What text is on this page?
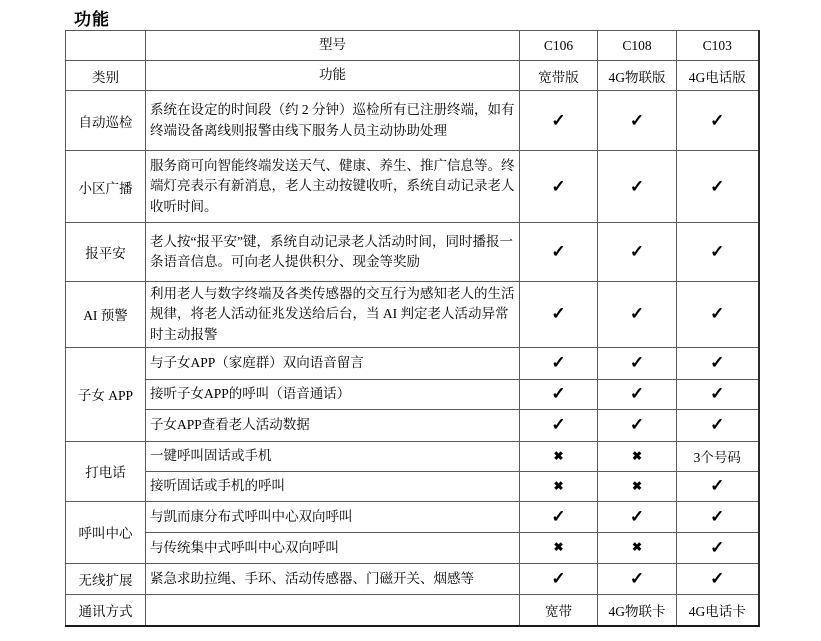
功能
	型号	C106	C108	C103
类别	功能	宽带版	4G物联版	4G电话版
自动巡检	系统在设定的时间段（约 2 分钟）巡检所有已注册终端，如有终端设备离线则报警由线下服务人员主动协助处理	✓	✓	✓
小区广播	服务商可向智能终端发送天气、健康、养生、推广信息等。终端灯亮表示有新消息，老人主动按键收听，系统自动记录老人收听时间。	✓	✓	✓
报平安	老人按“报平安”键，系统自动记录老人活动时间，同时播报一条语音信息。可向老人提供积分、现金等奖励	✓	✓	✓
AI 预警	利用老人与数字终端及各类传感器的交互行为感知老人的生活规律，将老人活动征兆发送给后台，当 AI 判定老人活动异常时主动报警	✓	✓	✓
子女 APP	与子女APP（家庭群）双向语音留言	✓	✓	✓
	接听子女APP的呼叫（语音通话）	✓	✓	✓
	子女APP查看老人活动数据	✓	✓	✓
打电话	一键呼叫固话或手机	✖	✖	3个号码
	接听固话或手机的呼叫	✖	✖	✓
呼叫中心	与凯而康分布式呼叫中心双向呼叫	✓	✓	✓
	与传统集中式呼叫中心双向呼叫	✖	✖	✓
无线扩展	紧急求助拉绳、手环、活动传感器、门磁开关、烟感等	✓	✓	✓
通讯方式		宽带	4G物联卡	4G电话卡
